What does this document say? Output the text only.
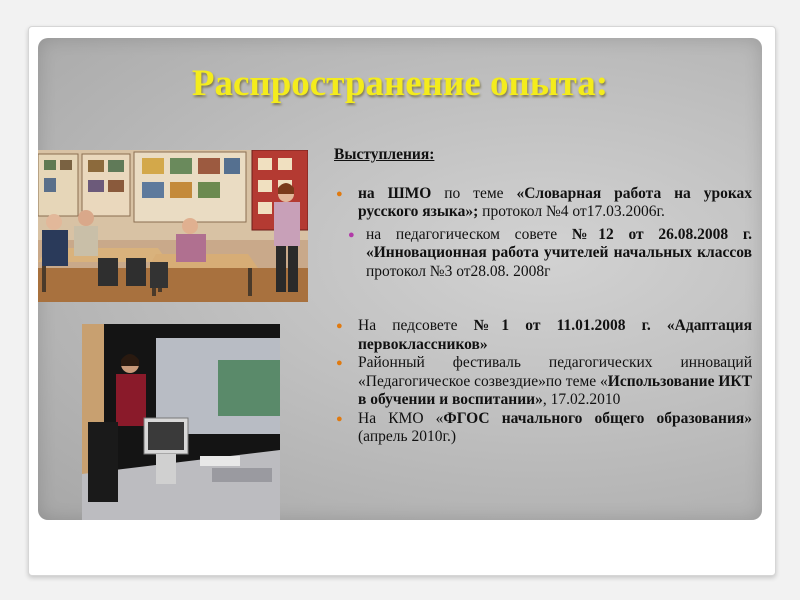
Распространение опыта:
Выступления:
● на ШМО по теме «Словарная работа на уроках русского языка»; протокол №4 от17.03.2006г.
● на педагогическом совете №12 от 26.08.2008 г. «Инновационная работа учителей начальных классов протокол №3 от28.08. 2008г
● На педсовете №1 от 11.01.2008 г. «Адаптация первоклассников»
● Районный фестиваль педагогических инноваций «Педагогическое созвездие»по теме «Использование ИКТ в обучении и воспитании», 17.02.2010
● На КМО «ФГОС начального общего образования» (апрель 2010г.)
